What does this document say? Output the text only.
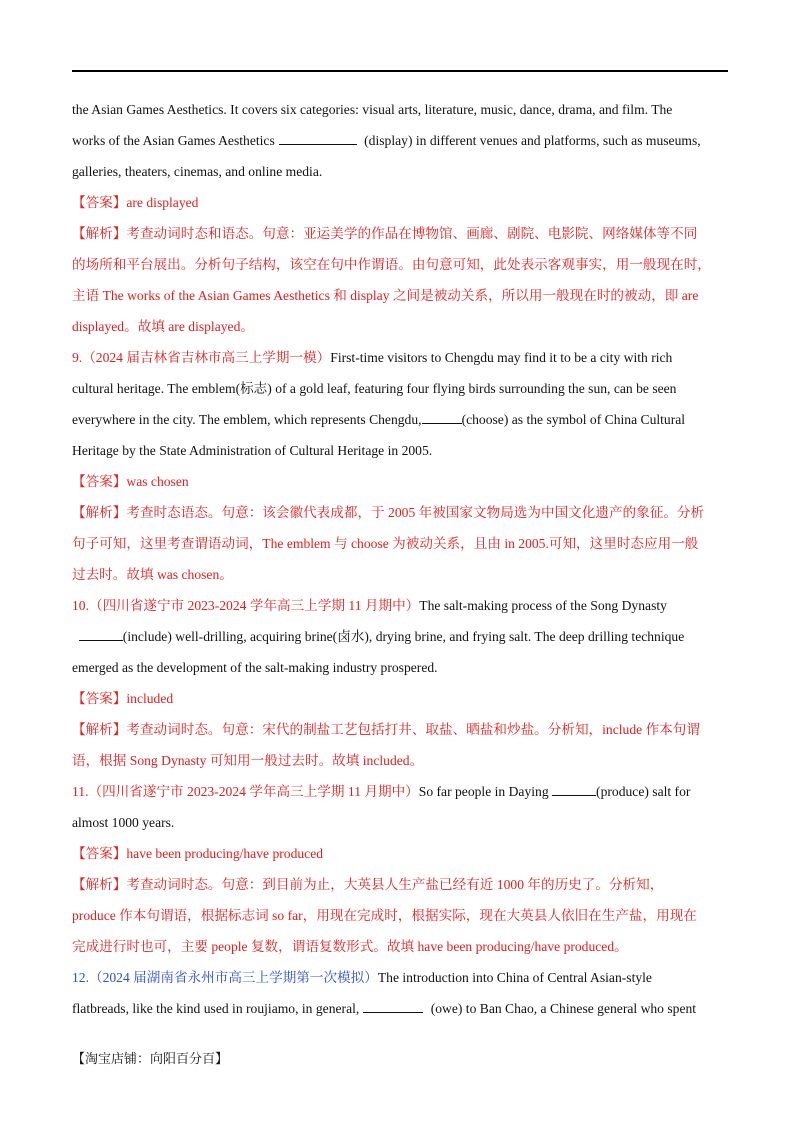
the Asian Games Aesthetics. It covers six categories: visual arts, literature, music, dance, drama, and film. The

works of the Asian Games Aesthetics	(display) in different venues and platforms, such as museums,

galleries, theaters, cinemas, and online media.

【答案】are displayed

【解析】考查动词时态和语态。句意：亚运美学的作品在博物馆、画廊、剧院、电影院、网络媒体等不同
的场所和平台展出。分析句子结构，该空在句中作谓语。由句意可知，此处表示客观事实，用一般现在时，
主语 The works of the Asian Games Aesthetics 和 display 之间是被动关系，所以用一般现在时的被动，即 are
displayed。故填 are displayed。

9.（2024 届吉林省吉林市高三上学期一模）First-time visitors to Chengdu may find it to be a city with rich
cultural heritage. The emblem(标志) of a gold leaf, featuring four flying birds surrounding the sun, can be seen
everywhere in the city. The emblem, which represents Chengdu,	(choose) as the symbol of China Cultural
Heritage by the State Administration of Cultural Heritage in 2005.

【答案】was chosen

【解析】考查时态语态。句意：该会徽代表成都，于 2005 年被国家文物局选为中国文化遗产的象征。分析
句子可知，这里考查谓语动词，The emblem 与 choose 为被动关系，且由 in 2005.可知，这里时态应用一般
过去时。故填 was chosen。

10.（四川省遂宁市 2023-2024 学年高三上学期 11 月期中）The salt-making process of the Song Dynasty
(include) well-drilling, acquiring brine(卤水), drying brine, and frying salt. The deep drilling technique
emerged as the development of the salt-making industry prospered.

【答案】included

【解析】考查动词时态。句意：宋代的制盐工艺包括打井、取盐、晒盐和炒盐。分析知，include 作本句谓
语，根据 Song Dynasty 可知用一般过去时。故填 included。

11.（四川省遂宁市 2023-2024 学年高三上学期 11 月期中）So far people in Daying	(produce) salt for
almost 1000 years.

【答案】have been producing/have produced

【解析】考查动词时态。句意：到目前为止，大英县人生产盐已经有近 1000 年的历史了。分析知，
produce 作本句谓语，根据标志词 so far，用现在完成时，根据实际，现在大英县人依旧在生产盐，用现在
完成进行时也可，主要 people 复数，谓语复数形式。故填 have been producing/have produced。

12.（2024 届湖南省永州市高三上学期第一次模拟）The introduction into China of Central Asian-style
flatbreads, like the kind used in roujiamo, in general,	(owe) to Ban Chao, a Chinese general who spent

【淘宝店铺：向阳百分百】
